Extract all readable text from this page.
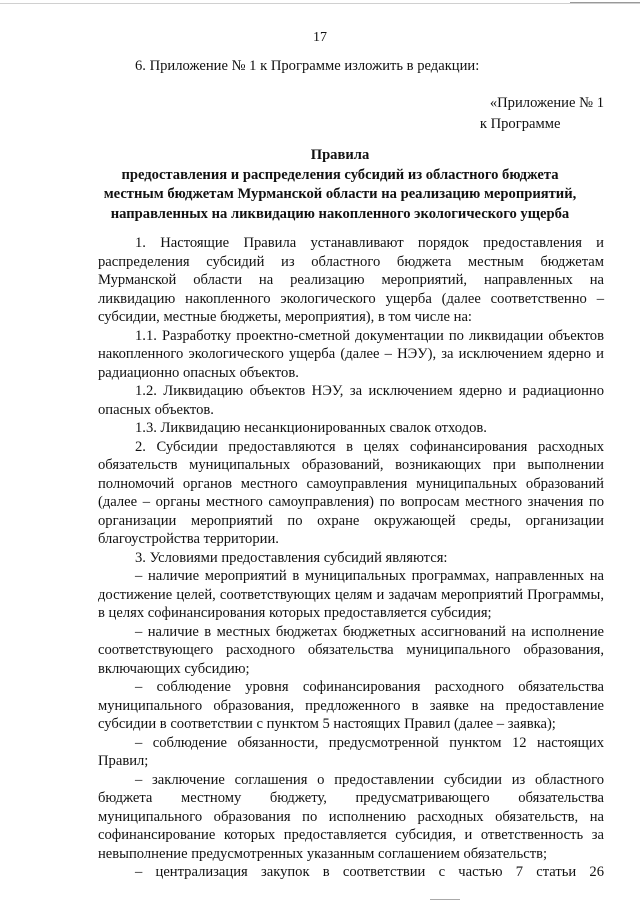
17
6. Приложение № 1 к Программе изложить в редакции:
«Приложение № 1

к Программе
Правила
предоставления и распределения субсидий из областного бюджета
местным бюджетам Мурманской области на реализацию мероприятий,
направленных на ликвидацию накопленного экологического ущерба

1. Настоящие Правила устанавливают порядок предоставления и распределения субсидий из областного бюджета местным бюджетам Мурманской области на реализацию мероприятий, направленных на ликвидацию накопленного экологического ущерба (далее соответственно – субсидии, местные бюджеты, мероприятия), в том числе на:

1.1. Разработку проектно-сметной документации по ликвидации объектов накопленного экологического ущерба (далее – НЭУ), за исключением ядерно и радиационно опасных объектов.

1.2. Ликвидацию объектов НЭУ, за исключением ядерно и радиационно опасных объектов.

1.3. Ликвидацию несанкционированных свалок отходов.

2. Субсидии предоставляются в целях софинансирования расходных обязательств муниципальных образований, возникающих при выполнении полномочий органов местного самоуправления муниципальных образований (далее – органы местного самоуправления) по вопросам местного значения по организации мероприятий по охране окружающей среды, организации благоустройства территории.

3. Условиями предоставления субсидий являются:

– наличие мероприятий в муниципальных программах, направленных на достижение целей, соответствующих целям и задачам мероприятий Программы, в целях софинансирования которых предоставляется субсидия;

– наличие в местных бюджетах бюджетных ассигнований на исполнение соответствующего расходного обязательства муниципального образования, включающих субсидию;

– соблюдение уровня софинансирования расходного обязательства муниципального образования, предложенного в заявке на предоставление субсидии в соответствии с пунктом 5 настоящих Правил (далее – заявка);

– соблюдение обязанности, предусмотренной пунктом 12 настоящих Правил;

– заключение соглашения о предоставлении субсидии из областного бюджета местному бюджету, предусматривающего обязательства муниципального образования по исполнению расходных обязательств, на софинансирование которых предоставляется субсидия, и ответственность за невыполнение предусмотренных указанным соглашением обязательств;

– централизация закупок в соответствии с частью 7 статьи 26
